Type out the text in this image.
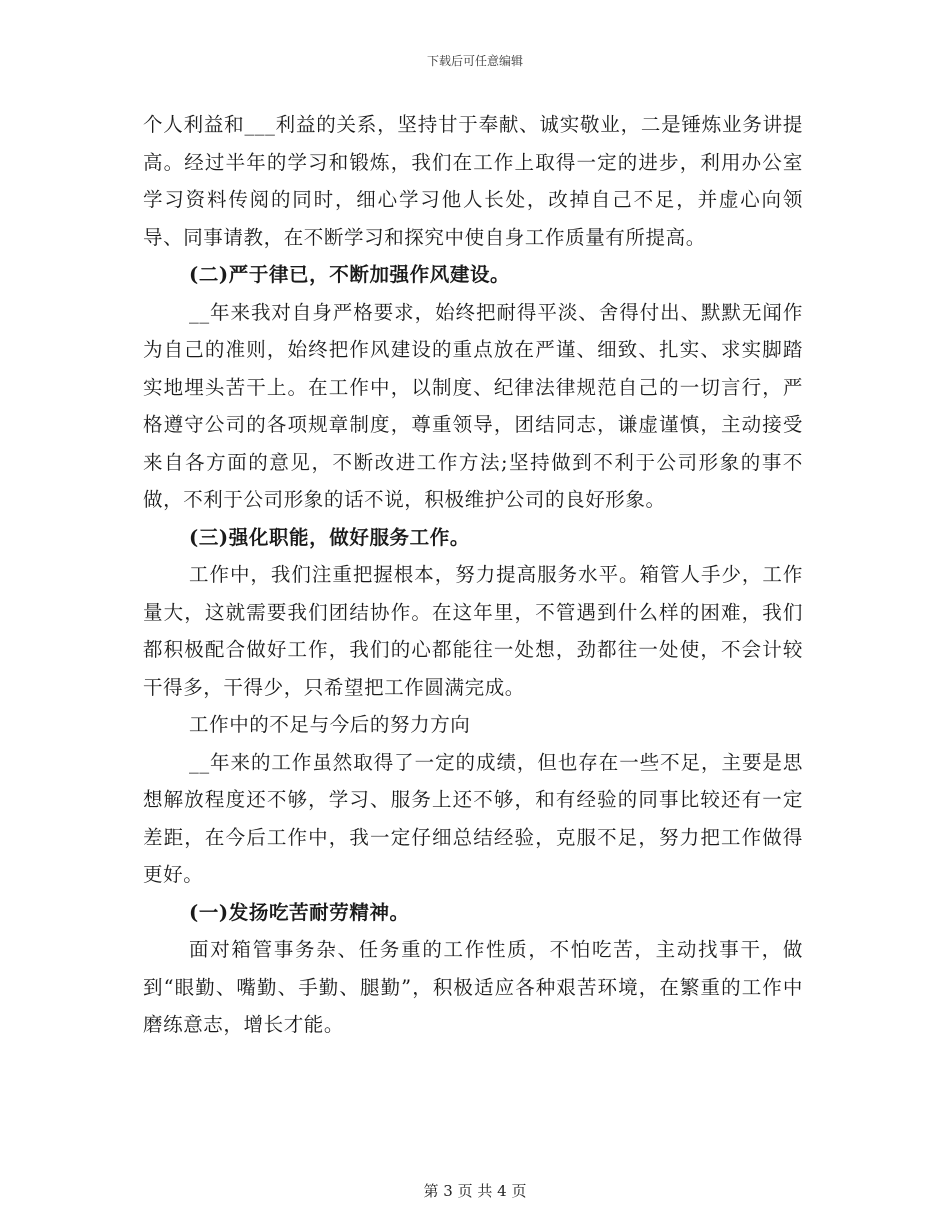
下载后可任意编辑

个人利益和___利益的关系，坚持甘于奉献、诚实敬业，二是锤炼业务讲提高。经过半年的学习和锻炼，我们在工作上取得一定的进步，利用办公室学习资料传阅的同时，细心学习他人长处，改掉自己不足，并虚心向领导、同事请教，在不断学习和探究中使自身工作质量有所提高。

(二)严于律已，不断加强作风建设。

__年来我对自身严格要求，始终把耐得平淡、舍得付出、默默无闻作为自己的准则，始终把作风建设的重点放在严谨、细致、扎实、求实脚踏实地埋头苦干上。在工作中，以制度、纪律法律规范自己的一切言行，严格遵守公司的各项规章制度，尊重领导，团结同志，谦虚谨慎，主动接受来自各方面的意见，不断改进工作方法;坚持做到不利于公司形象的事不做，不利于公司形象的话不说，积极维护公司的良好形象。

(三)强化职能，做好服务工作。

工作中，我们注重把握根本，努力提高服务水平。箱管人手少，工作量大，这就需要我们团结协作。在这年里，不管遇到什么样的困难，我们都积极配合做好工作，我们的心都能往一处想，劲都往一处使，不会计较干得多，干得少，只希望把工作圆满完成。

工作中的不足与今后的努力方向

__年来的工作虽然取得了一定的成绩，但也存在一些不足，主要是思想解放程度还不够，学习、服务上还不够，和有经验的同事比较还有一定差距，在今后工作中，我一定仔细总结经验，克服不足，努力把工作做得更好。

(一)发扬吃苦耐劳精神。

面对箱管事务杂、任务重的工作性质，不怕吃苦，主动找事干，做到“眼勤、嘴勤、手勤、腿勤”，积极适应各种艰苦环境，在繁重的工作中磨练意志，增长才能。

第 3 页 共 4 页
